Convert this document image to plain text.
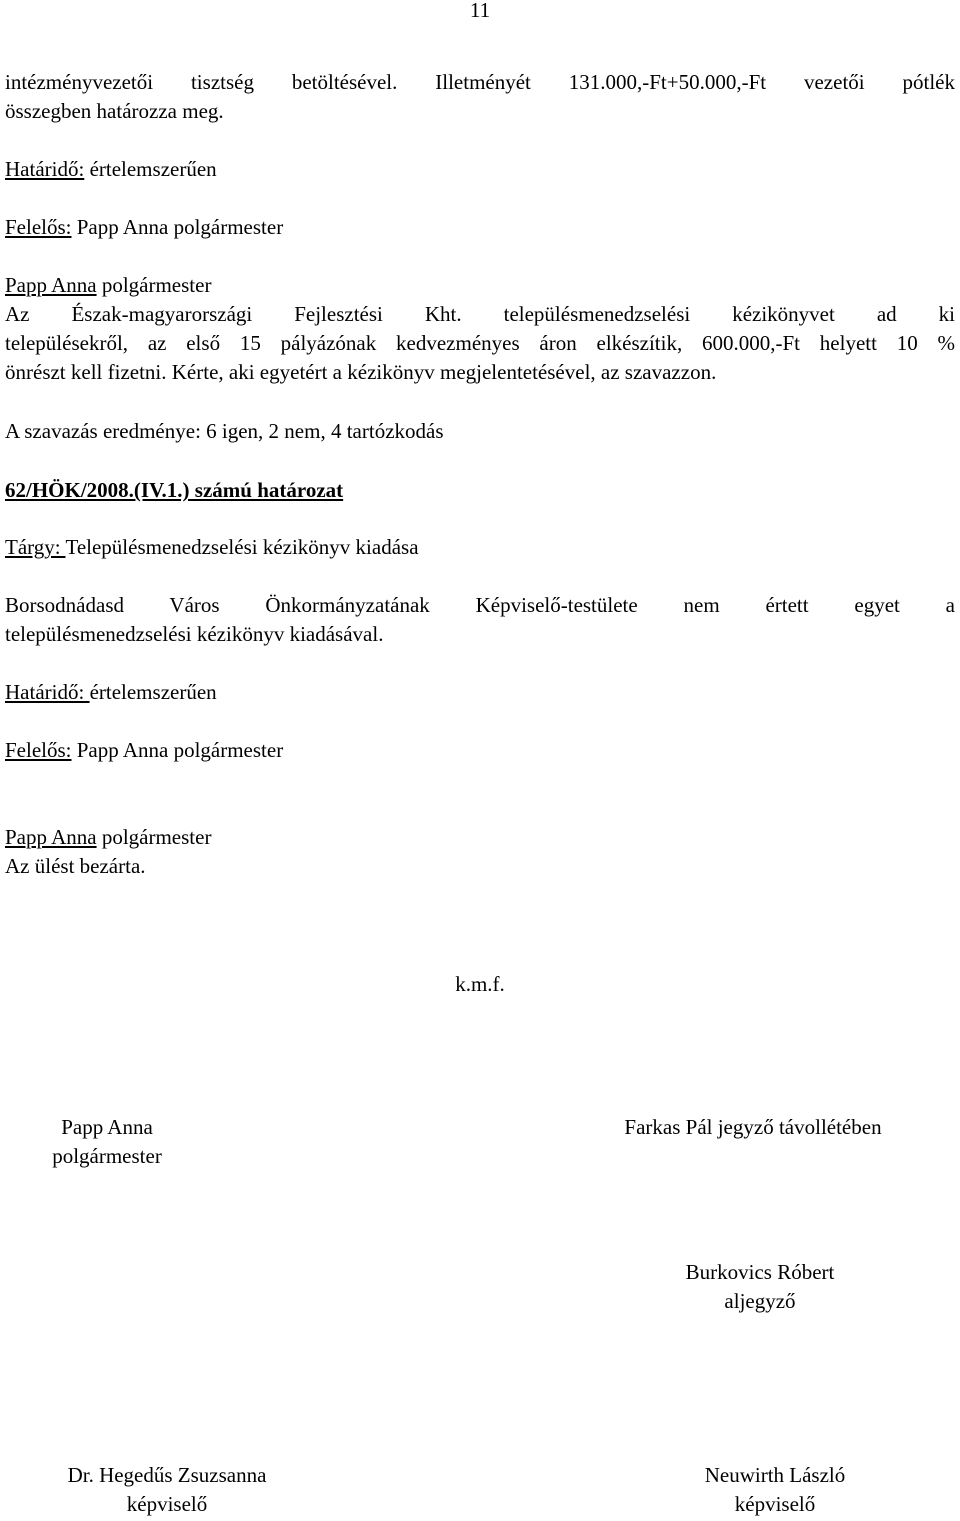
11
intézményvezetői tisztség betöltésével. Illetményét 131.000,-Ft+50.000,-Ft vezetői pótlék
összegben határozza meg.
Határidő: értelemszerűen
Felelős: Papp Anna polgármester
Papp Anna polgármester
Az Észak-magyarországi Fejlesztési Kht. településmenedzselési kézikönyvet ad ki
településekről, az első 15 pályázónak kedvezményes áron elkészítik, 600.000,-Ft helyett 10 %
önrészt kell fizetni. Kérte, aki egyetért a kézikönyv megjelentetésével, az szavazzon.
A szavazás eredménye: 6 igen, 2 nem, 4 tartózkodás
62/HÖK/2008.(IV.1.) számú határozat
Tárgy: Településmenedzselési kézikönyv kiadása
Borsodnádasd Város Önkormányzatának Képviselő-testülete nem értett egyet a
településmenedzselési kézikönyv kiadásával.
Határidő: értelemszerűen
Felelős: Papp Anna polgármester
Papp Anna polgármester
Az ülést bezárta.
k.m.f.
Papp Anna
polgármester
Farkas Pál jegyző távollétében
Burkovics Róbert
aljegyző
Dr. Hegedűs Zsuzsanna
képviselő
Neuwirth László
képviselő
